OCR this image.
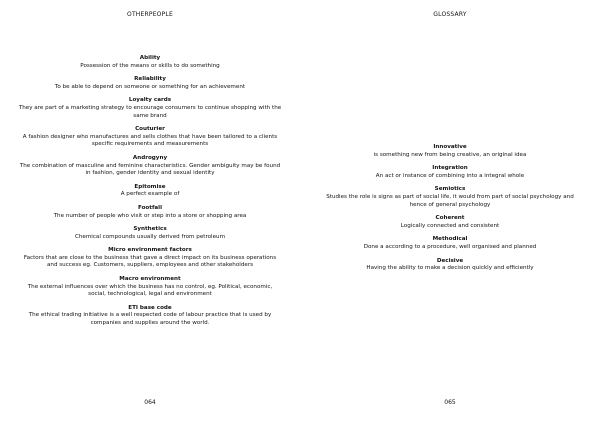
OTHERPEOPLE
Ability
Possession of the means or skills to do something
Reliability
To be able to depend on someone or something for an achievement
Loyalty cards
They are part of a marketing strategy to encourage consumers to continue shopping with the same brand
Couturier
A fashion designer who manufactures and sells clothes that have been tailored to a clients specific requirements and measurements
Androgyny
The combination of masculine and feminine characteristics. Gender ambiguity may be found in fashion, gender identity and sexual identity
Epitomise
A perfect example of
Footfall
The number of people who visit or step into a store or shopping area
Synthetics
Chemical compounds usually derived from petroleum
Micro environment factors
Factors that are close to the business that gave a direct impact on its business operations and success eg. Customers, suppliers, employees and other stakeholders
Macro environment
The external influences over which the business has no control, eg. Political, economic, social, technological, legal and environment
ETI base code
The ethical trading initiative is a well respected code of labour practice that is used by companies and supplies around the world.
064
GLOSSARY
Innovative
is something new from being creative, an original idea
Integration
An act or instance of combining into a integral whole
Semiotics
Studies the role is signs as part of social life, it would from part of social psychology and hence of general psychology
Coherent
Logically connected and consistent
Methodical
Done a according to a procedure, well organised and planned
Decisive
Having the ability to make a decision quickly and efficiently
065
